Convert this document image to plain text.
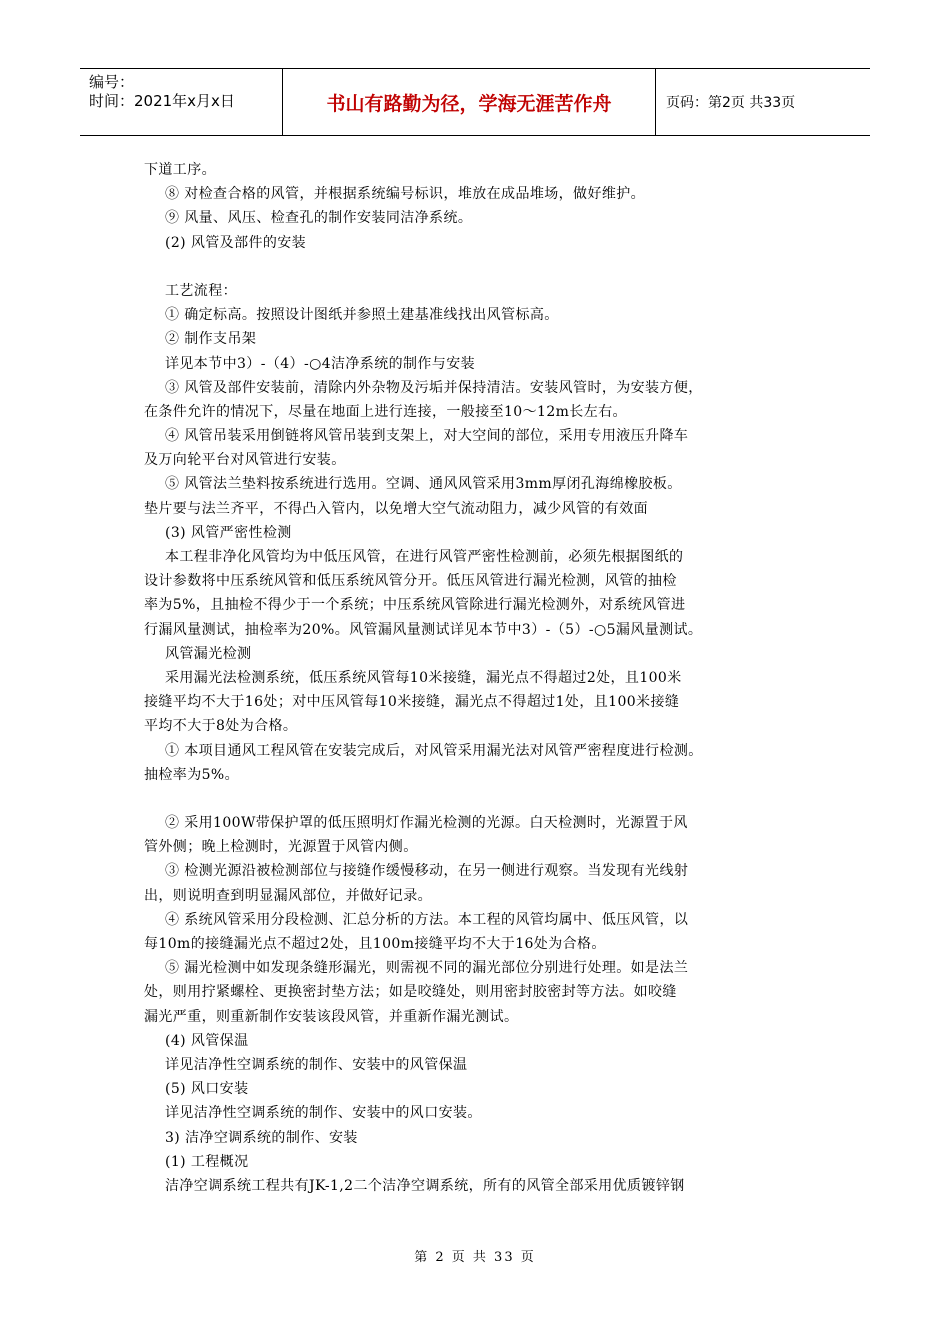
编号：
时间：2021年x月x日	书山有路勤为径，学海无涯苦作舟	页码：第2页 共33页
下道工序。
⑧ 对检查合格的风管，并根据系统编号标识，堆放在成品堆场，做好维护。
⑨ 风量、风压、检查孔的制作安装同洁净系统。
(2) 风管及部件的安装
工艺流程：
① 确定标高。按照设计图纸并参照土建基准线找出风管标高。
② 制作支吊架
详见本节中3）-（4）-○4洁净系统的制作与安装
③ 风管及部件安装前，清除内外杂物及污垢并保持清洁。安装风管时，为安装方便，
在条件允许的情况下，尽量在地面上进行连接，一般接至10～12m长左右。
④ 风管吊装采用倒链将风管吊装到支架上，对大空间的部位，采用专用液压升降车
及万向轮平台对风管进行安装。
⑤ 风管法兰垫料按系统进行选用。空调、通风风管采用3mm厚闭孔海绵橡胶板。
垫片要与法兰齐平，不得凸入管内，以免增大空气流动阻力，减少风管的有效面
(3) 风管严密性检测
本工程非净化风管均为中低压风管，在进行风管严密性检测前，必须先根据图纸的
设计参数将中压系统风管和低压系统风管分开。低压风管进行漏光检测，风管的抽检
率为5%，且抽检不得少于一个系统；中压系统风管除进行漏光检测外，对系统风管进
行漏风量测试，抽检率为20%。风管漏风量测试详见本节中3）-（5）-○5漏风量测试。
风管漏光检测
采用漏光法检测系统，低压系统风管每10米接缝，漏光点不得超过2处，且100米
接缝平均不大于16处；对中压风管每10米接缝，漏光点不得超过1处，且100米接缝
平均不大于8处为合格。
① 本项目通风工程风管在安装完成后，对风管采用漏光法对风管严密程度进行检测。
抽检率为5%。
② 采用100W带保护罩的低压照明灯作漏光检测的光源。白天检测时，光源置于风
管外侧；晚上检测时，光源置于风管内侧。
③ 检测光源沿被检测部位与接缝作缓慢移动，在另一侧进行观察。当发现有光线射
出，则说明查到明显漏风部位，并做好记录。
④ 系统风管采用分段检测、汇总分析的方法。本工程的风管均属中、低压风管，以
每10m的接缝漏光点不超过2处，且100m接缝平均不大于16处为合格。
⑤ 漏光检测中如发现条缝形漏光，则需视不同的漏光部位分别进行处理。如是法兰
处，则用拧紧螺栓、更换密封垫方法；如是咬缝处，则用密封胶密封等方法。如咬缝
漏光严重，则重新制作安装该段风管，并重新作漏光测试。
(4) 风管保温
详见洁净性空调系统的制作、安装中的风管保温
(5) 风口安装
详见洁净性空调系统的制作、安装中的风口安装。
3) 洁净空调系统的制作、安装
(1) 工程概况
洁净空调系统工程共有JK-1,2二个洁净空调系统，所有的风管全部采用优质镀锌钢
第 2 页 共 33 页
